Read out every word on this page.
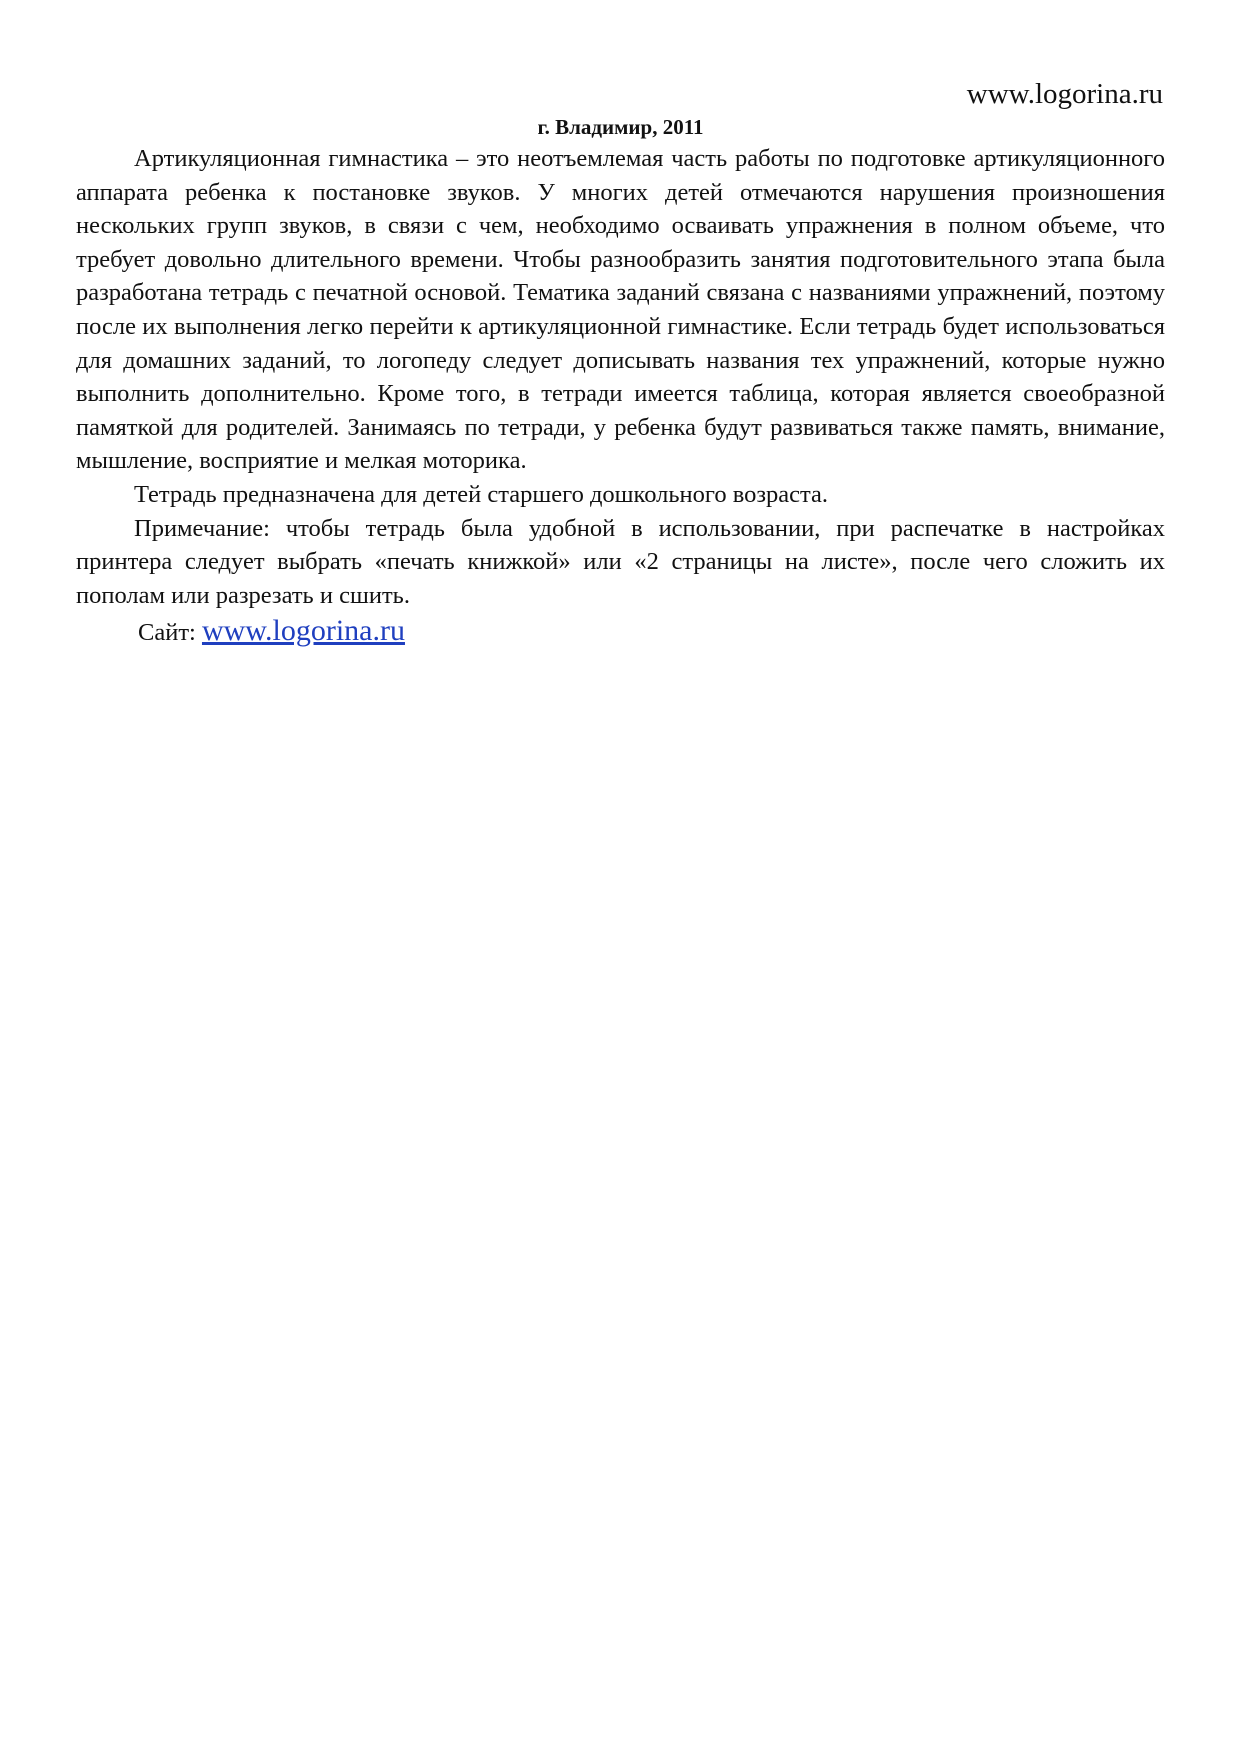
www.logorina.ru
г. Владимир, 2011

Артикуляционная гимнастика – это неотъемлемая часть работы по подготовке артикуляционного аппарата ребенка к постановке звуков. У многих детей отмечаются нарушения произношения нескольких групп звуков, в связи с чем, необходимо осваивать упражнения в полном объеме, что требует довольно длительного времени. Чтобы разнообразить занятия подготовительного этапа была разработана тетрадь с печатной основой. Тематика заданий связана с названиями упражнений, поэтому после их выполнения легко перейти к артикуляционной гимнастике. Если тетрадь будет использоваться для домашних заданий, то логопеду следует дописывать названия тех упражнений, которые нужно выполнить дополнительно. Кроме того, в тетради имеется таблица, которая является своеобразной памяткой для родителей. Занимаясь по тетради, у ребенка будут развиваться также память, внимание, мышление, восприятие и мелкая моторика.

Тетрадь предназначена для детей старшего дошкольного возраста.

Примечание: чтобы тетрадь была удобной в использовании, при распечатке в настройках принтера следует выбрать «печать книжкой» или «2 страницы на листе», после чего сложить их пополам или разрезать и сшить.

Сайт: www.logorina.ru
